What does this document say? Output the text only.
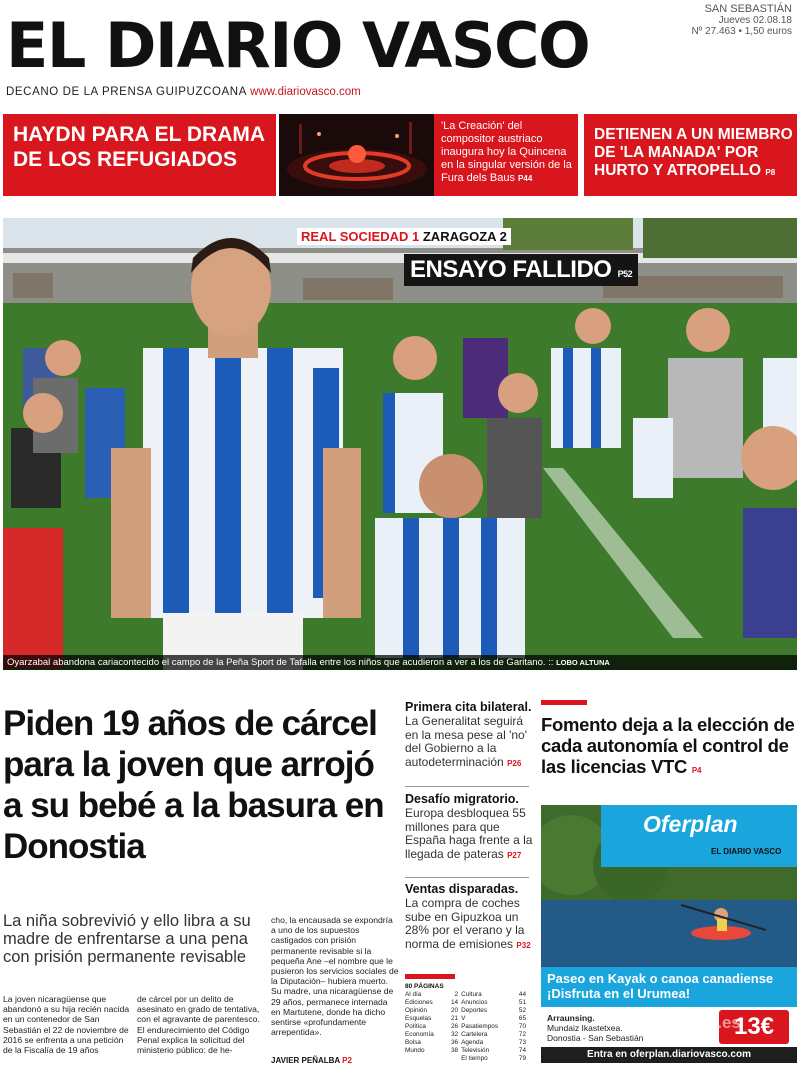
EL DIARIO VASCO	SAN SEBASTIÁN
Jueves 02.08.18
Nº 27.463 • 1,50 euros
DECANO DE LA PRENSA GUIPUZCOANA www.diariovasco.com
HAYDN PARA EL DRAMA DE LOS REFUGIADOS
'La Creación' del compositor austriaco inaugura hoy la Quincena en la singular versión de la Fura dels Baus P44
DETIENEN A UN MIEMBRO DE 'LA MANADA' POR HURTO Y ATROPELLO P8
REAL SOCIEDAD 1 ZARAGOZA 2
ENSAYO FALLIDO P52
Oyarzabal abandona cariacontecido el campo de la Peña Sport de Tafalla entre los niños que acudieron a ver a los de Garitano. :: LOBO ALTUNA
Piden 19 años de cárcel para la joven que arrojó a su bebé a la basura en Donostia
La niña sobrevivió y ello libra a su madre de enfrentarse a una pena con prisión permanente revisable
La joven nicaragüense que abandonó a su hija recién nacida en un contenedor de San Sebastián el 22 de noviembre de 2016 se enfrenta a una petición de la Fiscalía de 19 años
de cárcel por un delito de asesinato en grado de tentativa, con el agravante de parentesco. El endurecimiento del Código Penal explica la solicitud del ministerio público: de he-
cho, la encausada se expondría a uno de los supuestos castigados con prisión permanente revisable si la pequeña Ane –el nombre que le pusieron los servicios sociales de la Diputación– hubiera muerto. Su madre, una nicaragüense de 29 años, permanece internada en Martutene, donde ha dicho sentirse «profundamente arrepentida».
JAVIER PEÑALBA P2
Primera cita bilateral.
La Generalitat seguirá en la mesa pese al 'no' del Gobierno a la autodeterminación P26
Desafío migratorio.
Europa desbloquea 55 millones para que España haga frente a la llegada de pateras P27
Ventas disparadas.
La compra de coches sube en Gipuzkoa un 28% por el verano y la norma de emisiones P32
80 PÁGINAS
Al día	2	Cultura	44
Ediciones	14	Anuncios	51
Opinión	20	Deportes	52
Esquelas	21	V	65
Política	26	Pasatiempos	70
Economía	32	Cartelera	72
Bolsa	36	Agenda	73
Mundo	38	Televisión	74
		El tiempo	79
Fomento deja a la elección de cada autonomía el control de las licencias VTC P4
Oferplan
EL DIARIO VASCO
Paseo en Kayak o canoa canadiense ¡Disfruta en el Urumea!
Arraunsing.
Mundaiz Ikastetxea.
Donostia - San Sebastián	13€
Entra en oferplan.diariovasco.com
VerPortadas.es
